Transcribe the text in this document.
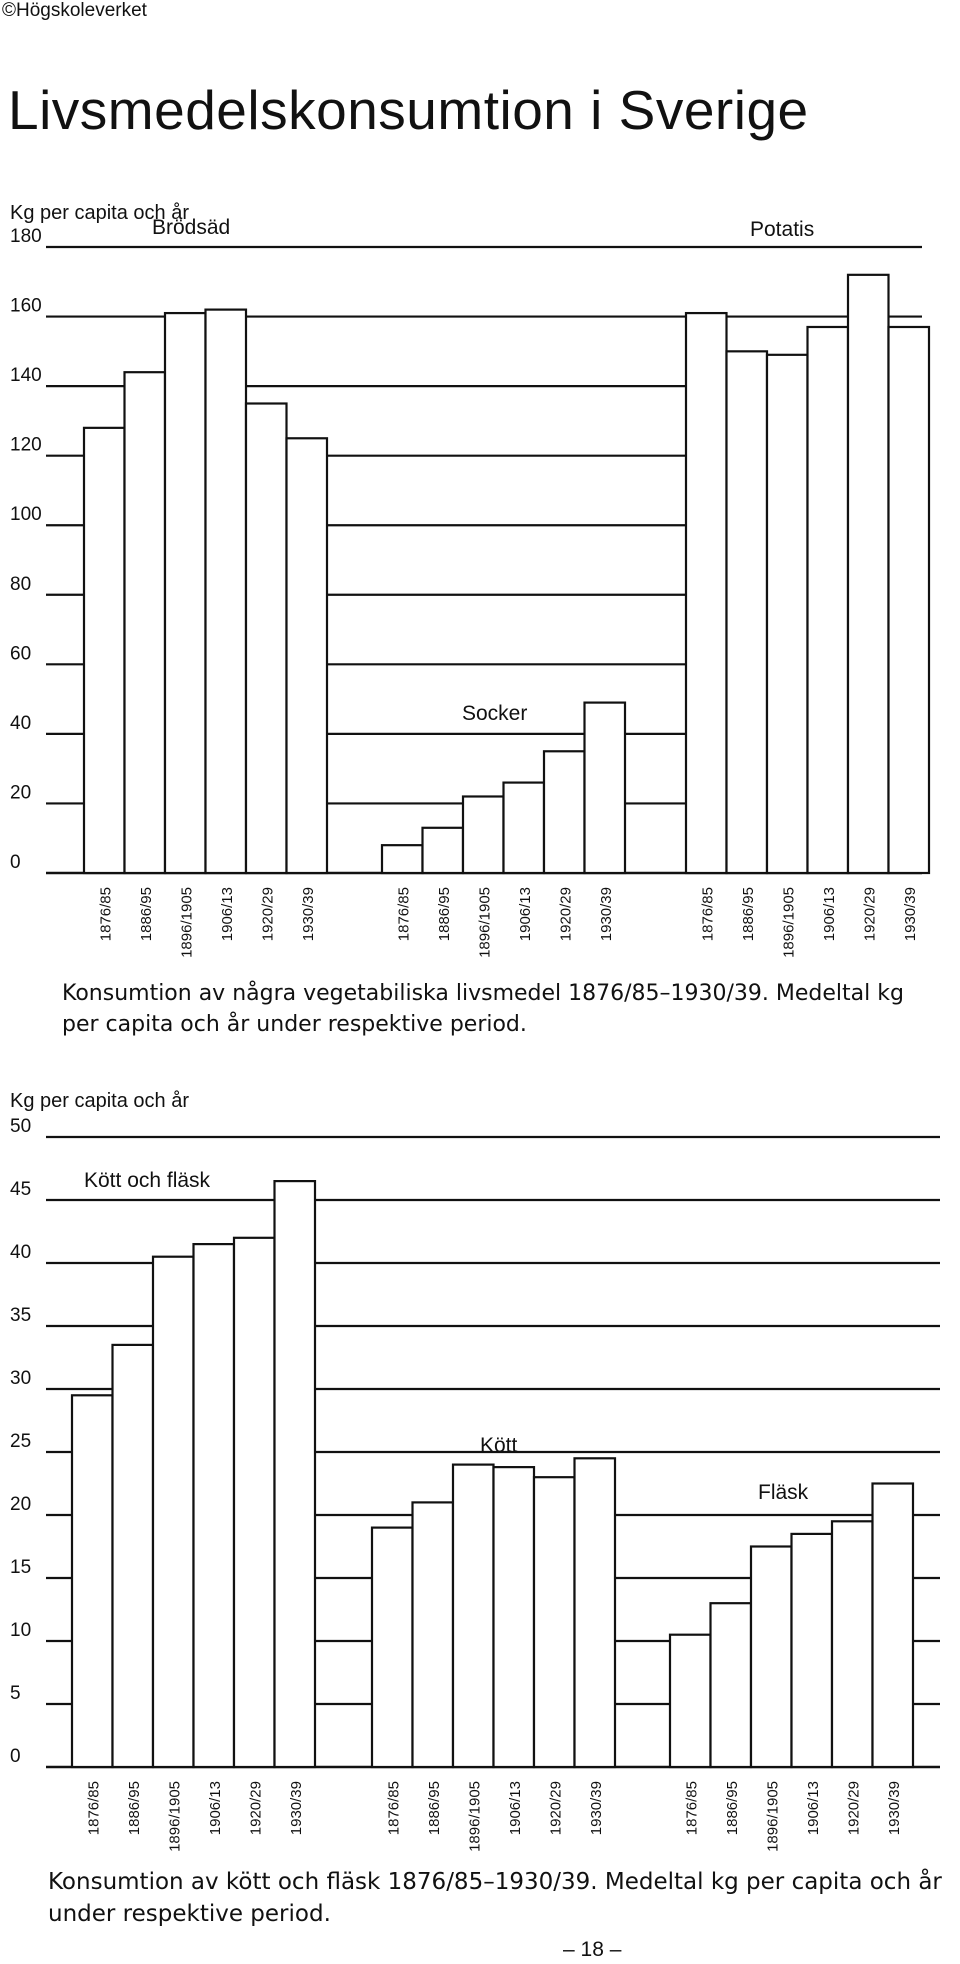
©Högskoleverket
Livsmedelskonsumtion i Sverige
Kg per capita och år
0
20
40
60
80
100
120
140
160
180
1876/85 1886/95 1896/1905 1906/13 1920/29 1930/39
Brödsäd
1876/85 1886/95 1896/1905 1906/13 1920/29 1930/39
Socker
1876/85 1886/95 1896/1905 1906/13 1920/29 1930/39
Potatis
Konsumtion av några vegetabiliska livsmedel 1876/85–1930/39. Medeltal kg per capita och år under respektive period.
Kg per capita och år
0
5
10
15
20
25
30
35
40
45
50
1876/85 1886/95 1896/1905 1906/13 1920/29 1930/39
Kött och fläsk
1876/85 1886/95 1896/1905 1906/13 1920/29 1930/39
Kött
1876/85 1886/95 1896/1905 1906/13 1920/29 1930/39
Fläsk
Konsumtion av kött och fläsk 1876/85–1930/39. Medeltal kg per capita och år under respektive period.
– 18 –
